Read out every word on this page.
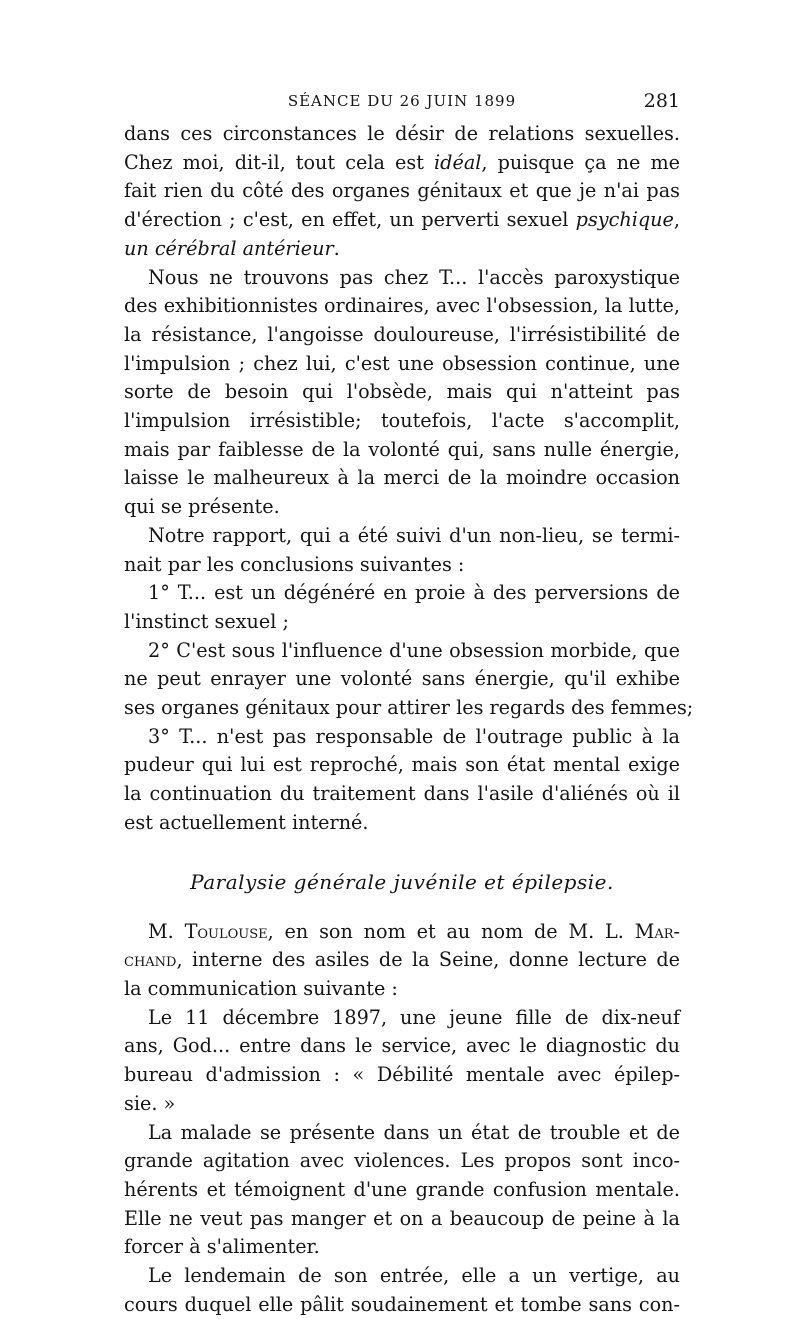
SÉANCE DU 26 JUIN 1899	281
dans ces circonstances le désir de relations sexuelles.
Chez moi, dit-il, tout cela est idéal, puisque ça ne me
fait rien du côté des organes génitaux et que je n'ai pas
d'érection ; c'est, en effet, un perverti sexuel psychique,
un cérébral antérieur.
Nous ne trouvons pas chez T... l'accès paroxystique
des exhibitionnistes ordinaires, avec l'obsession, la lutte,
la résistance, l'angoisse douloureuse, l'irrésistibilité de
l'impulsion ; chez lui, c'est une obsession continue, une
sorte de besoin qui l'obsède, mais qui n'atteint pas
l'impulsion irrésistible; toutefois, l'acte s'accomplit,
mais par faiblesse de la volonté qui, sans nulle énergie,
laisse le malheureux à la merci de la moindre occasion
qui se présente.
Notre rapport, qui a été suivi d'un non-lieu, se termi-
nait par les conclusions suivantes :
1° T... est un dégénéré en proie à des perversions de
l'instinct sexuel ;
2° C'est sous l'influence d'une obsession morbide, que
ne peut enrayer une volonté sans énergie, qu'il exhibe
ses organes génitaux pour attirer les regards des femmes;
3° T... n'est pas responsable de l'outrage public à la
pudeur qui lui est reproché, mais son état mental exige
la continuation du traitement dans l'asile d'aliénés où il
est actuellement interné.
Paralysie générale juvénile et épilepsie.
M. Toulouse, en son nom et au nom de M. L. Mar-
chand, interne des asiles de la Seine, donne lecture de
la communication suivante :
Le 11 décembre 1897, une jeune fille de dix-neuf
ans, God... entre dans le service, avec le diagnostic du
bureau d'admission : « Débilité mentale avec épilep-
sie. »
La malade se présente dans un état de trouble et de
grande agitation avec violences. Les propos sont inco-
hérents et témoignent d'une grande confusion mentale.
Elle ne veut pas manger et on a beaucoup de peine à la
forcer à s'alimenter.
Le lendemain de son entrée, elle a un vertige, au
cours duquel elle pâlit soudainement et tombe sans con-
